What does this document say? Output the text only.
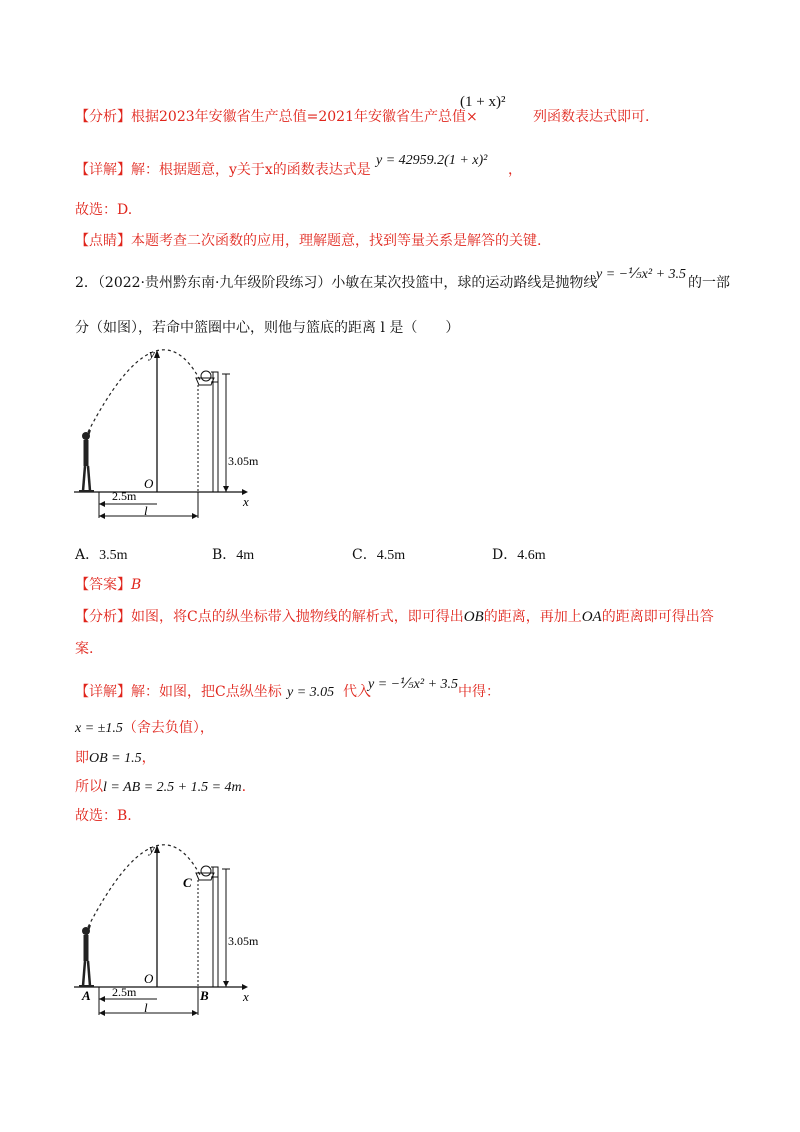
【分析】根据2023年安徽省生产总值=2021年安徽省生产总值×
(1 + x)²
列函数表达式即可.
【详解】解：根据题意，y关于x的函数表达式是
y = 42959.2(1 + x)²
，
故选：D.
【点睛】本题考查二次函数的应用，理解题意，找到等量关系是解答的关键.
2．（2022·贵州黔东南·九年级阶段练习）小敏在某次投篮中，球的运动路线是抛物线
y = −⅕x² + 3.5
的一部
分（如图），若命中篮圈中心，则他与篮底的距离 l 是（　　）
y
x
O
3.05m
2.5m
l
A．3.5m	B．4m	C．4.5m	D．4.6m
【答案】B
【分析】如图，将C点的纵坐标带入抛物线的解析式，即可得出OB的距离，再加上OA的距离即可得出答
案.
【详解】解：如图，把C点纵坐标 y = 3.05 代入
y = −⅕x² + 3.5 中得：
x = ±1.5（舍去负值），
即OB = 1.5，
所以l = AB = 2.5 + 1.5 = 4m.
故选：B.
y
x
O
3.05m
2.5m
l
A	B
C
